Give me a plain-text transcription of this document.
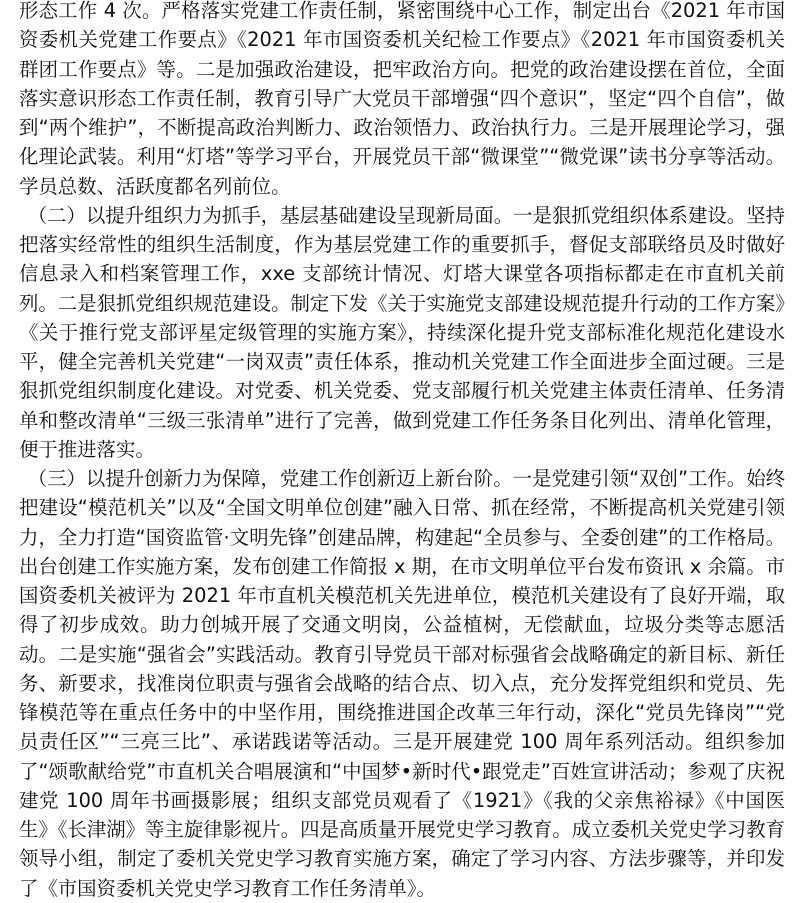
形态工作 4 次。严格落实党建工作责任制，紧密围绕中心工作，制定出台《2021 年市国资委机关党建工作要点》《2021 年市国资委机关纪检工作要点》《2021 年市国资委机关群团工作要点》等。二是加强政治建设，把牢政治方向。把党的政治建设摆在首位，全面落实意识形态工作责任制，教育引导广大党员干部增强“四个意识”，坚定“四个自信”，做到“两个维护”，不断提高政治判断力、政治领悟力、政治执行力。三是开展理论学习，强化理论武装。利用“灯塔”等学习平台，开展党员干部“微课堂”“微党课”读书分享等活动。学员总数、活跃度都名列前位。

（二）以提升组织力为抓手，基层基础建设呈现新局面。一是狠抓党组织体系建设。坚持把落实经常性的组织生活制度，作为基层党建工作的重要抓手，督促支部联络员及时做好信息录入和档案管理工作，xxe 支部统计情况、灯塔大课堂各项指标都走在市直机关前列。二是狠抓党组织规范建设。制定下发《关于实施党支部建设规范提升行动的工作方案》《关于推行党支部评星定级管理的实施方案》，持续深化提升党支部标准化规范化建设水平，健全完善机关党建“一岗双责”责任体系，推动机关党建工作全面进步全面过硬。三是狠抓党组织制度化建设。对党委、机关党委、党支部履行机关党建主体责任清单、任务清单和整改清单“三级三张清单”进行了完善，做到党建工作任务条目化列出、清单化管理，便于推进落实。

（三）以提升创新力为保障，党建工作创新迈上新台阶。一是党建引领“双创”工作。始终把建设“模范机关”以及“全国文明单位创建”融入日常、抓在经常，不断提高机关党建引领力，全力打造“国资监管·文明先锋”创建品牌，构建起“全员参与、全委创建”的工作格局。出台创建工作实施方案，发布创建工作简报 x 期，在市文明单位平台发布资讯 x 余篇。市国资委机关被评为 2021 年市直机关模范机关先进单位，模范机关建设有了良好开端，取得了初步成效。助力创城开展了交通文明岗，公益植树，无偿献血，垃圾分类等志愿活动。二是实施“强省会”实践活动。教育引导党员干部对标强省会战略确定的新目标、新任务、新要求，找准岗位职责与强省会战略的结合点、切入点，充分发挥党组织和党员、先锋模范等在重点任务中的中坚作用，围绕推进国企改革三年行动，深化“党员先锋岗”“党员责任区”“三亮三比”、承诺践诺等活动。三是开展建党 100 周年系列活动。组织参加了“颂歌献给党”市直机关合唱展演和“中国梦•新时代•跟党走”百姓宣讲活动；参观了庆祝建党 100 周年书画摄影展；组织支部党员观看了《1921》《我的父亲焦裕禄》《中国医生》《长津湖》等主旋律影视片。四是高质量开展党史学习教育。成立委机关党史学习教育领导小组，制定了委机关党史学习教育实施方案，确定了学习内容、方法步骤等，并印发了《市国资委机关党史学习教育工作任务清单》。
